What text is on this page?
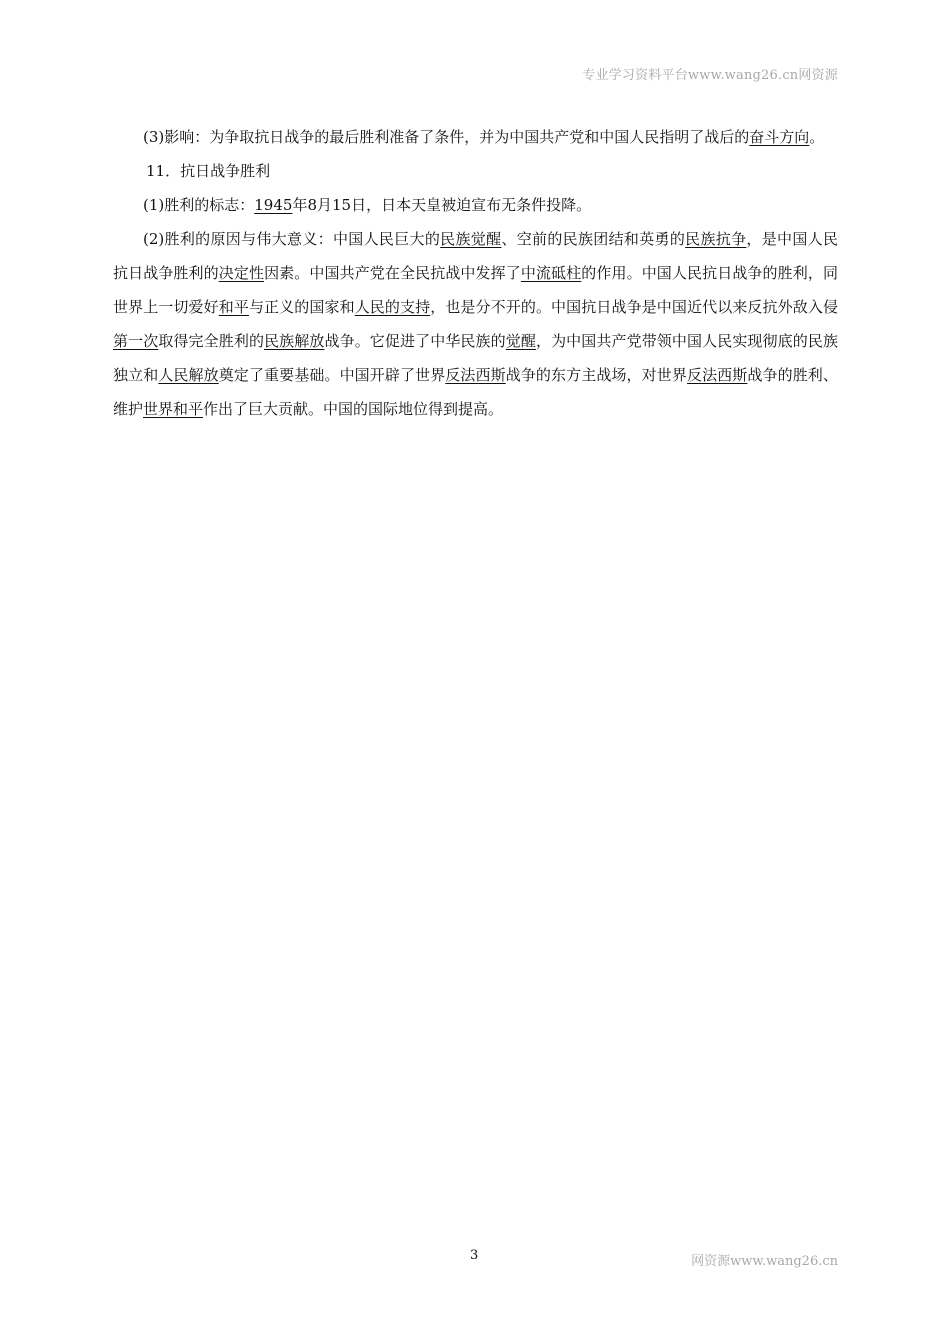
专业学习资料平台www.wang26.cn网资源

(3)影响：为争取抗日战争的最后胜利准备了条件，并为中国共产党和中国人民指明了战后的奋斗方向。

11．抗日战争胜利

(1)胜利的标志：1945年8月15日，日本天皇被迫宣布无条件投降。

(2)胜利的原因与伟大意义：中国人民巨大的民族觉醒、空前的民族团结和英勇的民族抗争，是中国人民抗日战争胜利的决定性因素。中国共产党在全民抗战中发挥了中流砥柱的作用。中国人民抗日战争的胜利，同世界上一切爱好和平与正义的国家和人民的支持，也是分不开的。中国抗日战争是中国近代以来反抗外敌入侵第一次取得完全胜利的民族解放战争。它促进了中华民族的觉醒，为中国共产党带领中国人民实现彻底的民族独立和人民解放奠定了重要基础。中国开辟了世界反法西斯战争的东方主战场，对世界反法西斯战争的胜利、维护世界和平作出了巨大贡献。中国的国际地位得到提高。

3	网资源www.wang26.cn
